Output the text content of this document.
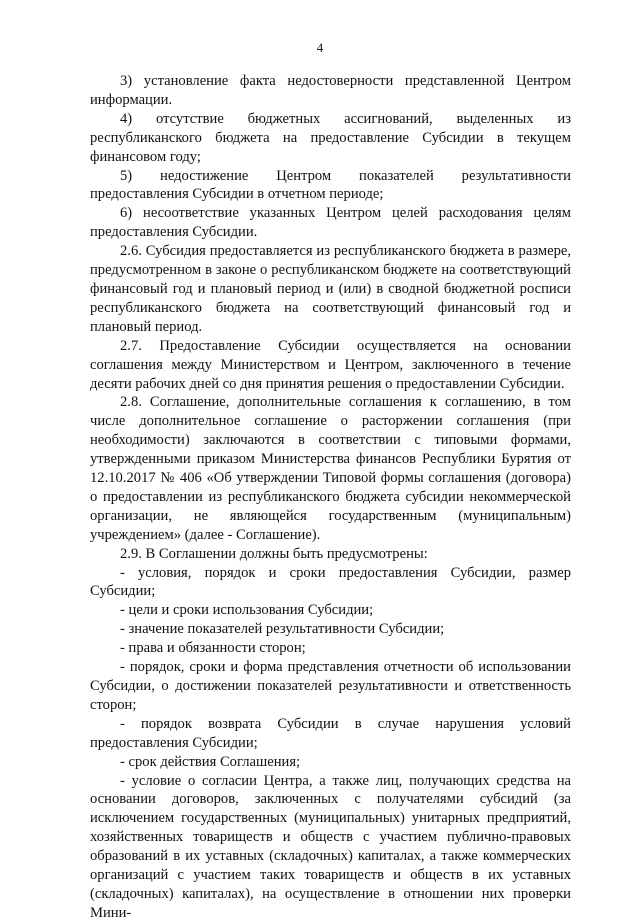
4

3) установление факта недостоверности представленной Центром информации.

4) отсутствие бюджетных ассигнований, выделенных из республиканского бюджета на предоставление Субсидии в текущем финансовом году;

5) недостижение Центром показателей результативности предоставления Субсидии в отчетном периоде;

6) несоответствие указанных Центром целей расходования целям предоставления Субсидии.

2.6. Субсидия предоставляется из республиканского бюджета в размере, предусмотренном в законе о республиканском бюджете на соответствующий финансовый год и плановый период и (или) в сводной бюджетной росписи республиканского бюджета на соответствующий финансовый год и плановый период.

2.7. Предоставление Субсидии осуществляется на основании соглашения между Министерством и Центром, заключенного в течение десяти рабочих дней со дня принятия решения о предоставлении Субсидии.

2.8. Соглашение, дополнительные соглашения к соглашению, в том числе дополнительное соглашение о расторжении соглашения (при необходимости) заключаются в соответствии с типовыми формами, утвержденными приказом Министерства финансов Республики Бурятия от 12.10.2017 № 406 «Об утверждении Типовой формы соглашения (договора) о предоставлении из республиканского бюджета субсидии некоммерческой организации, не являющейся государственным (муниципальным) учреждением» (далее - Соглашение).

2.9. В Соглашении должны быть предусмотрены:

- условия, порядок и сроки предоставления Субсидии, размер Субсидии;

- цели и сроки использования Субсидии;

- значение показателей результативности Субсидии;

- права и обязанности сторон;

- порядок, сроки и форма представления отчетности об использовании Субсидии, о достижении показателей результативности и ответственность сторон;

- порядок возврата Субсидии в случае нарушения условий предоставления Субсидии;

- срок действия Соглашения;

- условие о согласии Центра, а также лиц, получающих средства на основании договоров, заключенных с получателями субсидий (за исключением государственных (муниципальных) унитарных предприятий, хозяйственных товариществ и обществ с участием публично-правовых образований в их уставных (складочных) капиталах, а также коммерческих организаций с участием таких товариществ и обществ в их уставных (складочных) капиталах), на осуществление в отношении них проверки Мини-
